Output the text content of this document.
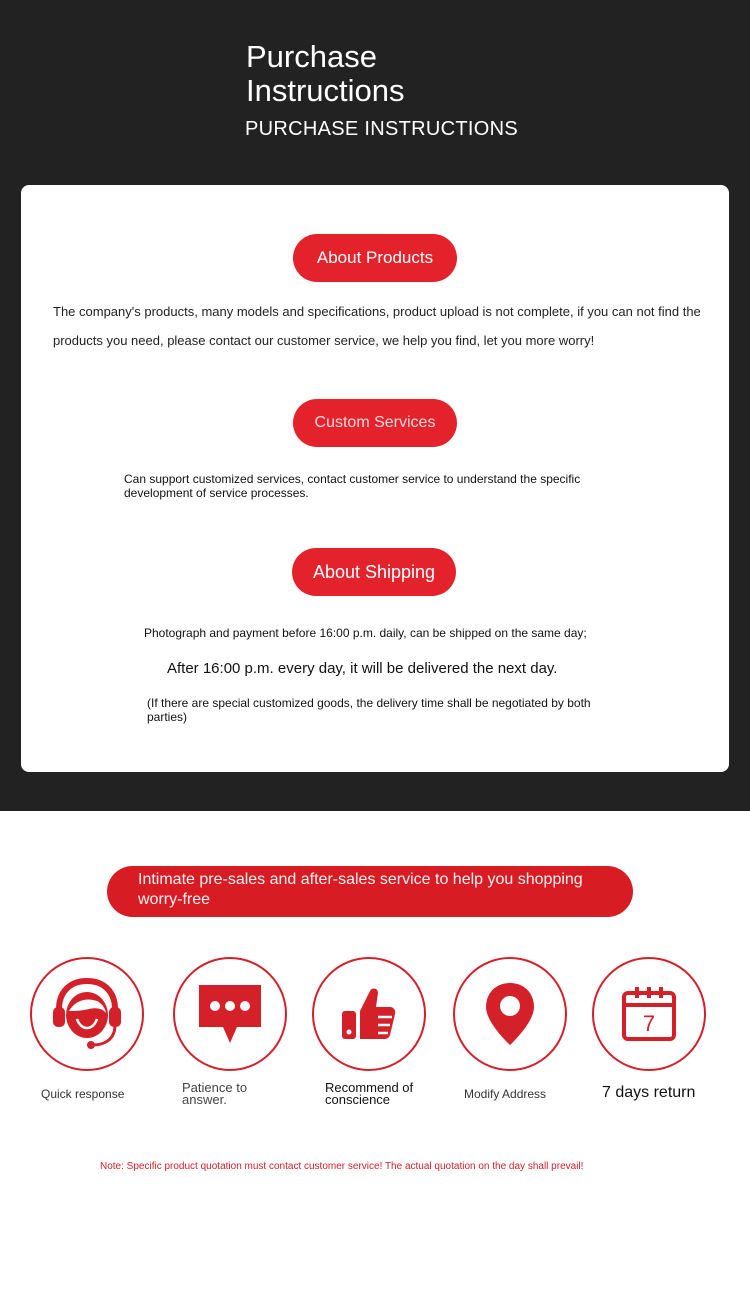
Purchase Instructions
PURCHASE INSTRUCTIONS
About Products
The company's products, many models and specifications, product upload is not complete, if you can not find the products you need, please contact our customer service, we help you find, let you more worry!
Custom Services
Can support customized services, contact customer service to understand the specific development of service processes.
About Shipping
Photograph and payment before 16:00 p.m. daily, can be shipped on the same day;
After 16:00 p.m. every day, it will be delivered the next day.
(If there are special customized goods, the delivery time shall be negotiated by both parties)
Intimate pre-sales and after-sales service to help you shopping worry-free
7
Quick response	Patience to answer.
Recommend of conscience	Modify Address	7 days return
Note: Specific product quotation must contact customer service! The actual quotation on the day shall prevail!
